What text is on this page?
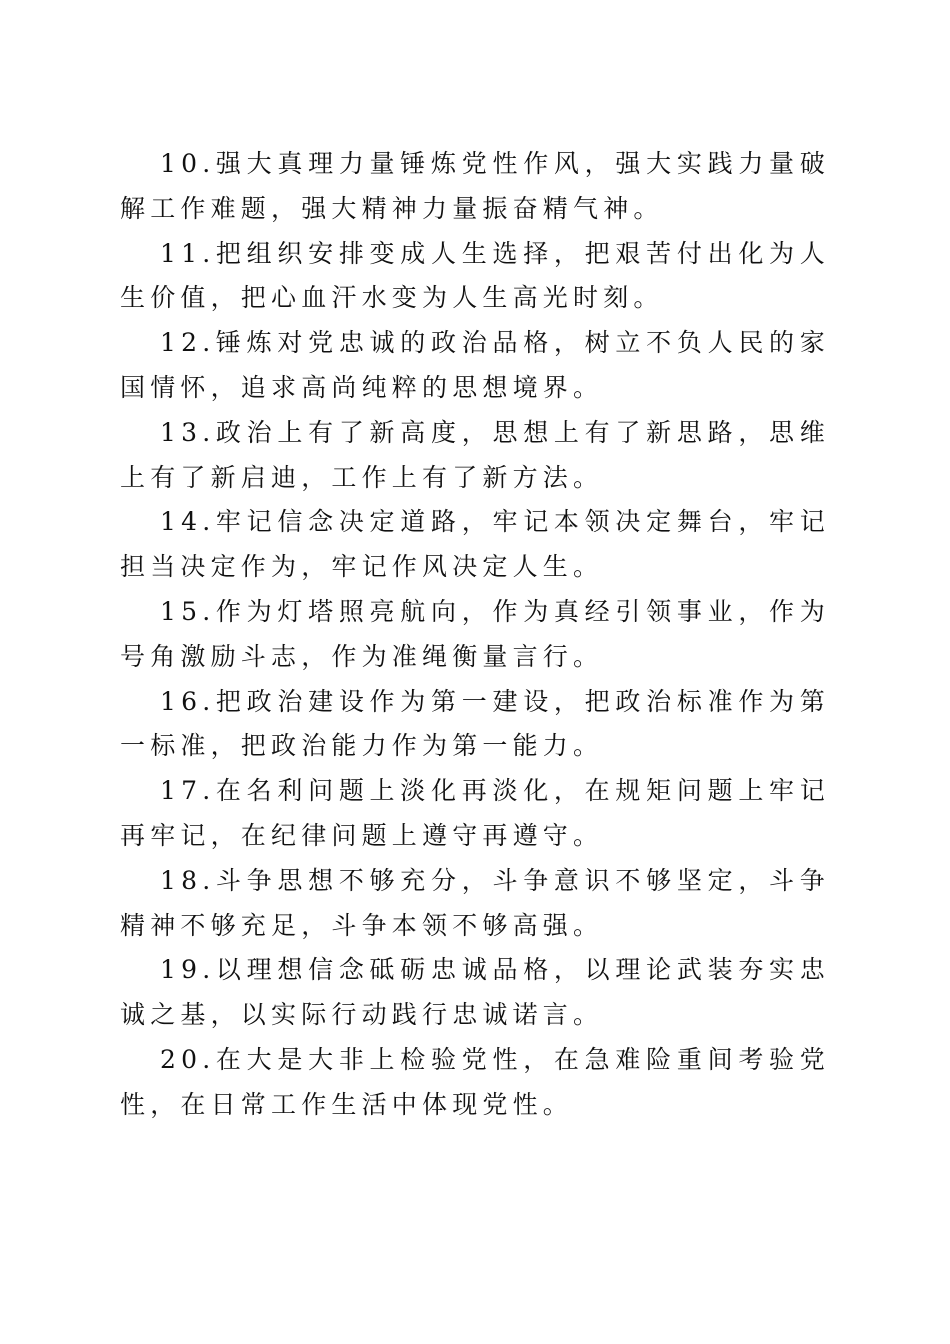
10.强大真理力量锤炼党性作风，强大实践力量破解工作难题，强大精神力量振奋精气神。

11.把组织安排变成人生选择，把艰苦付出化为人生价值，把心血汗水变为人生高光时刻。

12.锤炼对党忠诚的政治品格，树立不负人民的家国情怀，追求高尚纯粹的思想境界。

13.政治上有了新高度，思想上有了新思路，思维上有了新启迪，工作上有了新方法。

14.牢记信念决定道路，牢记本领决定舞台，牢记担当决定作为，牢记作风决定人生。

15.作为灯塔照亮航向，作为真经引领事业，作为号角激励斗志，作为准绳衡量言行。

16.把政治建设作为第一建设，把政治标准作为第一标准，把政治能力作为第一能力。

17.在名利问题上淡化再淡化，在规矩问题上牢记再牢记，在纪律问题上遵守再遵守。

18.斗争思想不够充分，斗争意识不够坚定，斗争精神不够充足，斗争本领不够高强。

19.以理想信念砥砺忠诚品格，以理论武装夯实忠诚之基，以实际行动践行忠诚诺言。

20.在大是大非上检验党性，在急难险重间考验党性，在日常工作生活中体现党性。
